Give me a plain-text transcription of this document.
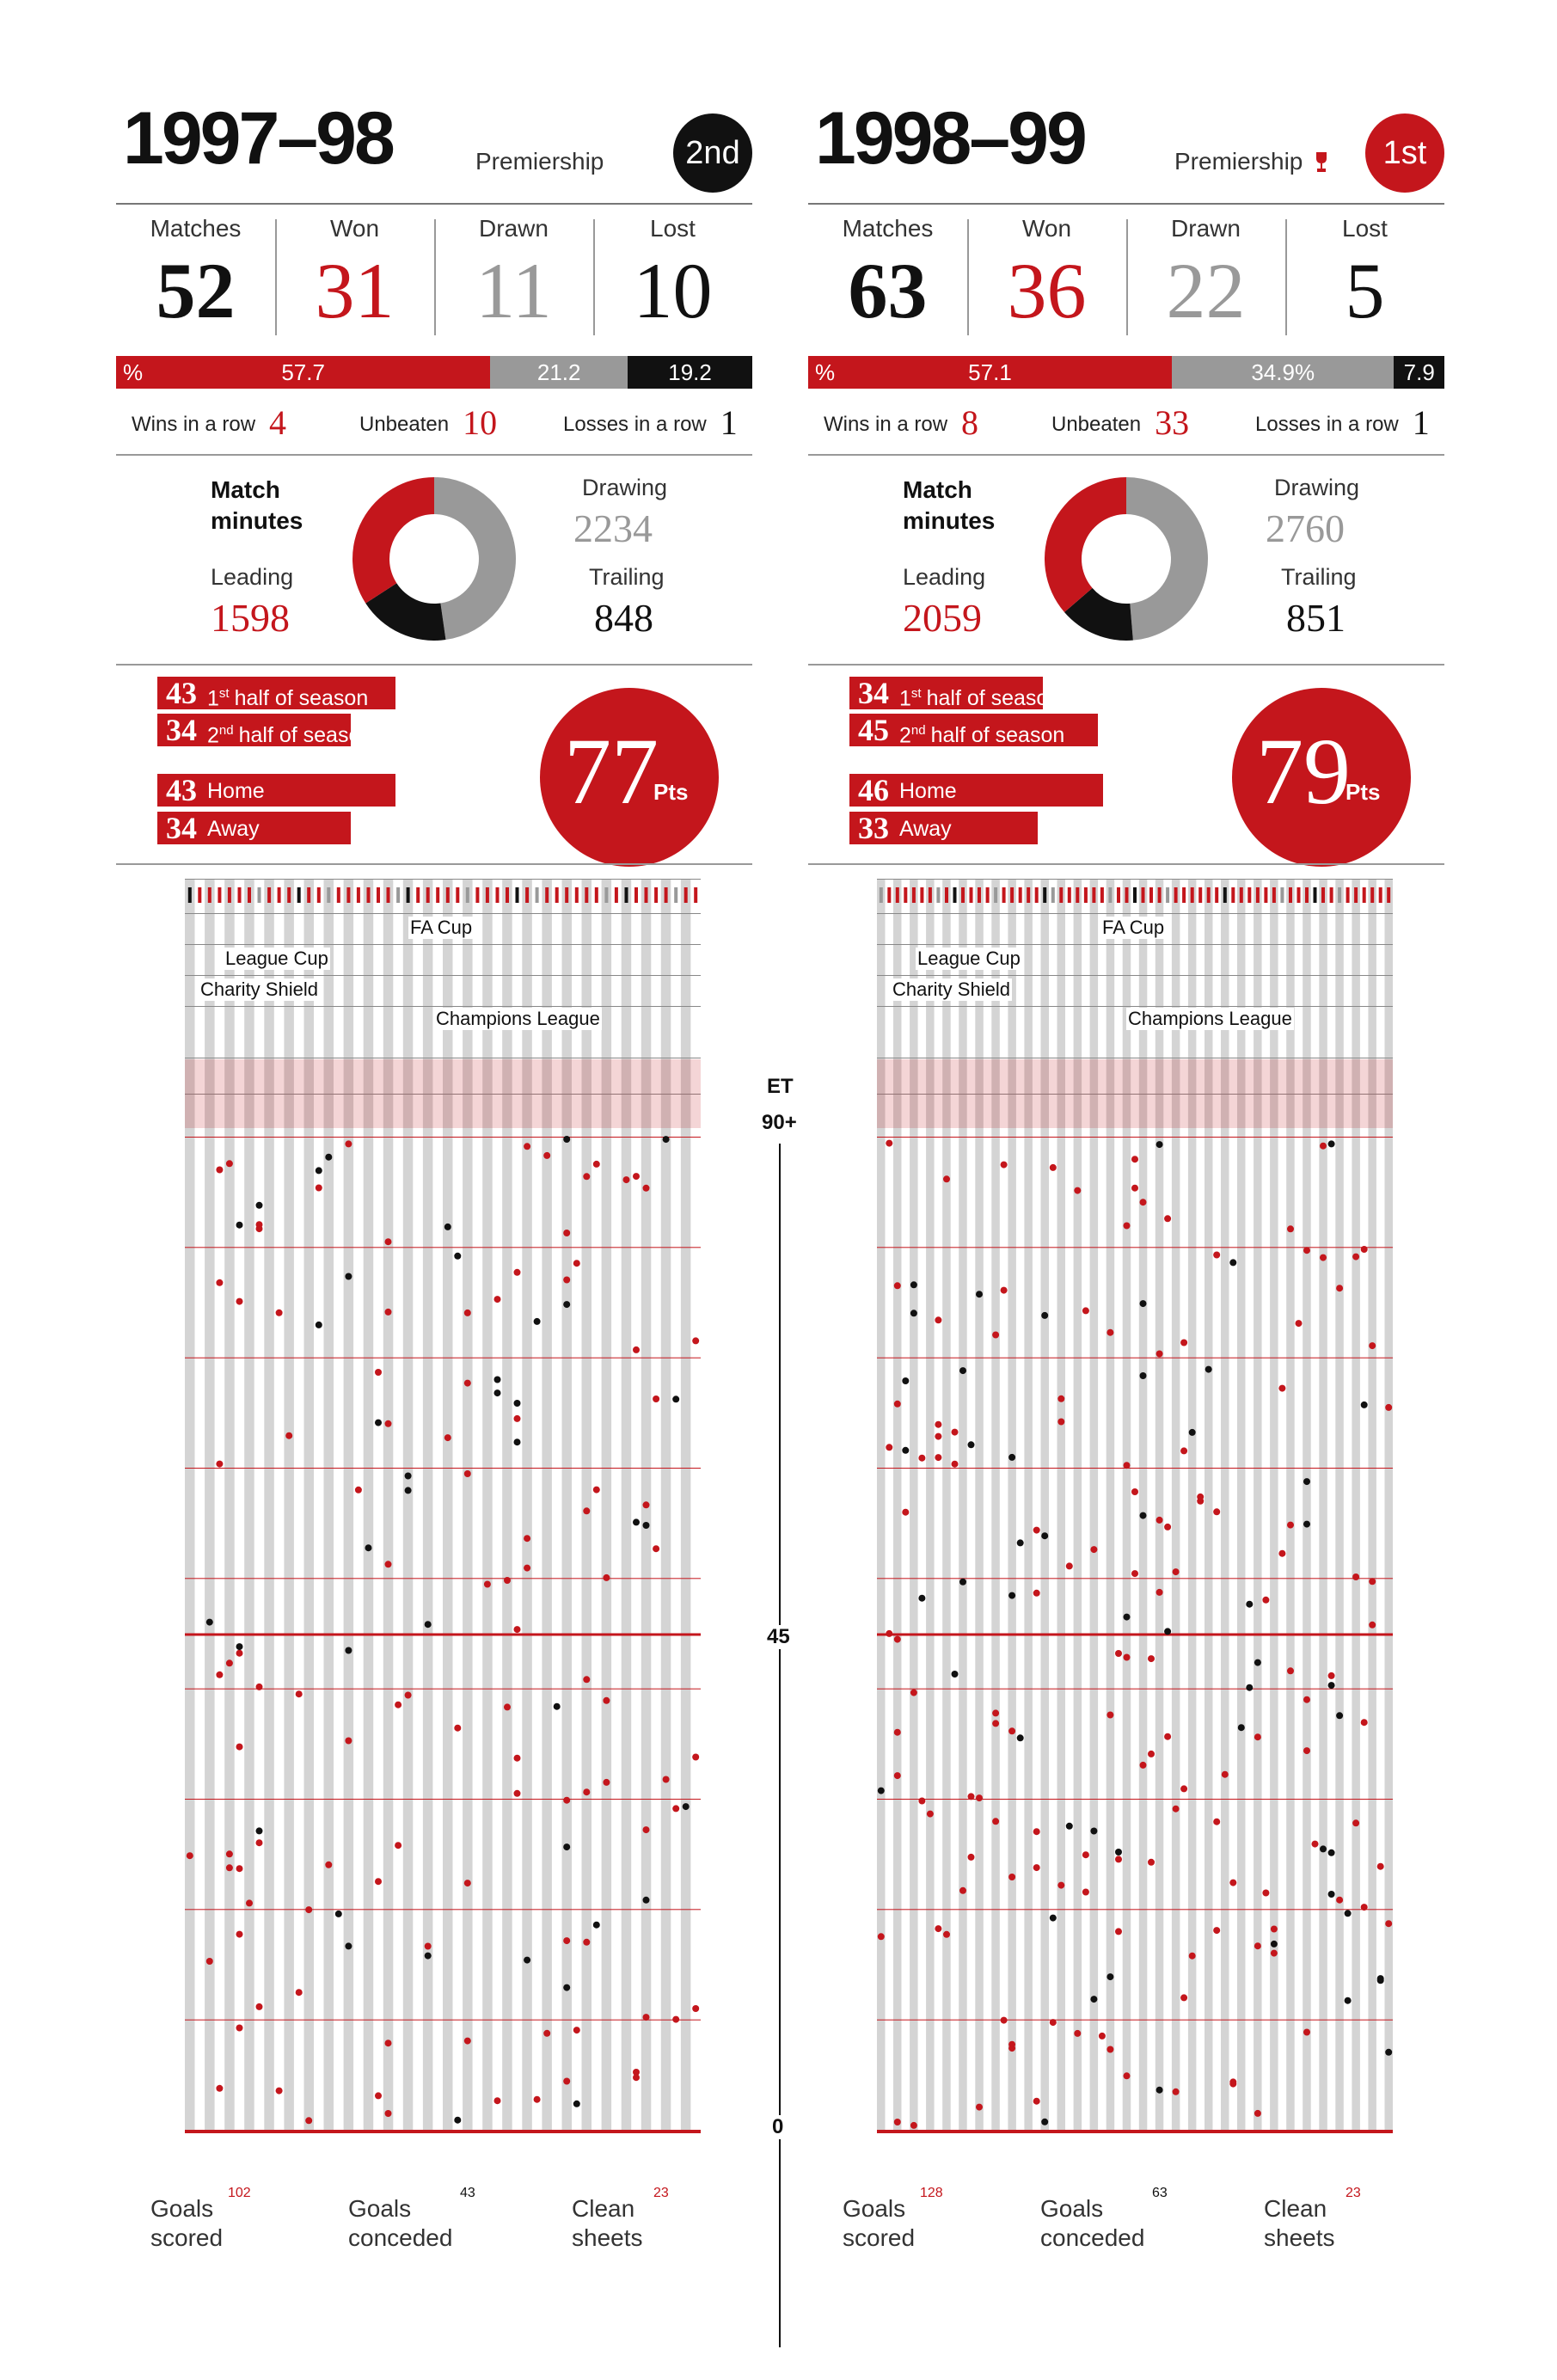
1997–98	Premiership	2nd
Matches
52
Won
31
Drawn
11
Lost
10
57.7	21.2	19.2
%
Wins in a row 4	Unbeaten 10	Losses in a row 1
Match
minutes
Leading
1598
Drawing
2234
Trailing
848
43 1st half of season
34 2nd half of season
43 Home
34 Away
77
Pts
FA Cup
League Cup
Charity Shield
Champions League
Goals
scored
102
Goals
conceded
43
Clean
sheets
23
1998–99	Premiership	1st
Matches
63
Won
36
Drawn
22
Lost
5
57.1	34.9%	7.9
%
Wins in a row 8	Unbeaten 33	Losses in a row 1
Match
minutes
Leading
2059
Drawing
2760
Trailing
851
34 1st half of season
45 2nd half of season
46 Home
33 Away
79
Pts
FA Cup
League Cup
Charity Shield
Champions League
Goals
scored
128
Goals
conceded
63
Clean
sheets
23
ET
90+
45
0
